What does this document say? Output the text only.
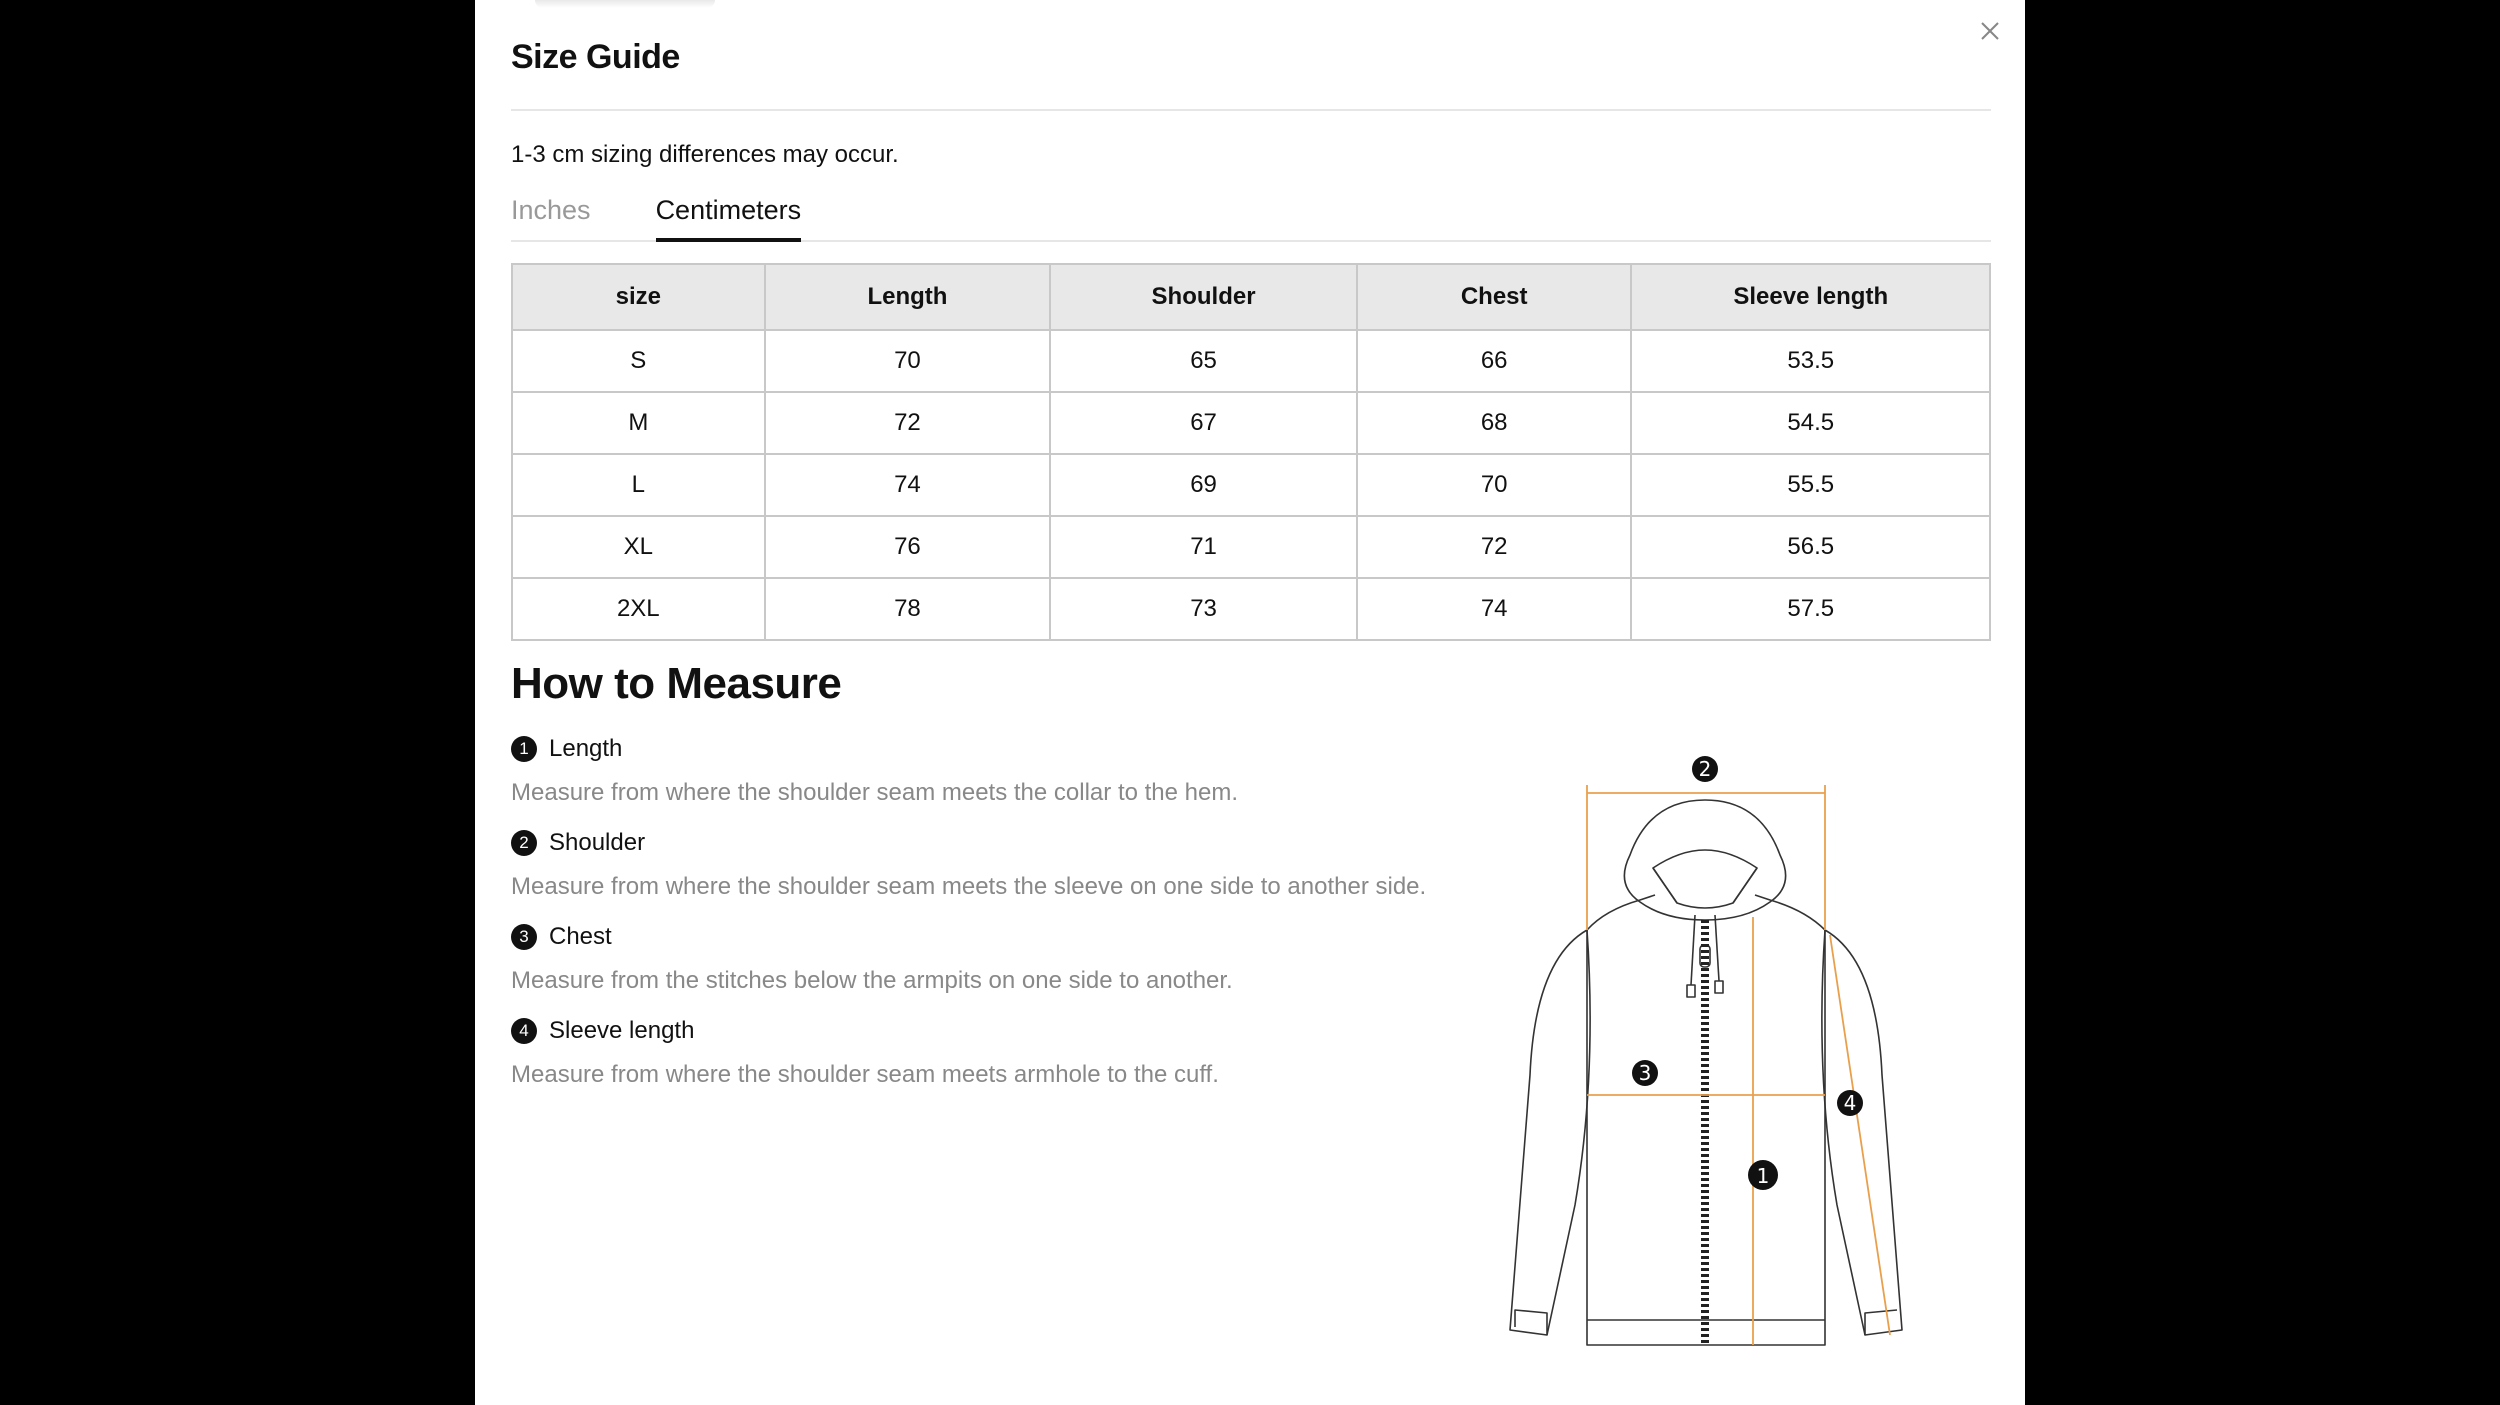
Size Guide
1-3 cm sizing differences may occur.
Inches Centimeters
size	Length	Shoulder	Chest	Sleeve length
S	70	65	66	53.5
M	72	67	68	54.5
L	74	69	70	55.5
XL	76	71	72	56.5
2XL	78	73	74	57.5
How to Measure
1 Length
Measure from where the shoulder seam meets the collar to the hem.
2 Shoulder
Measure from where the shoulder seam meets the sleeve on one side to another side.
3 Chest
Measure from the stitches below the armpits on one side to another.
4 Sleeve length
Measure from where the shoulder seam meets armhole to the cuff.
2
3
1
4
